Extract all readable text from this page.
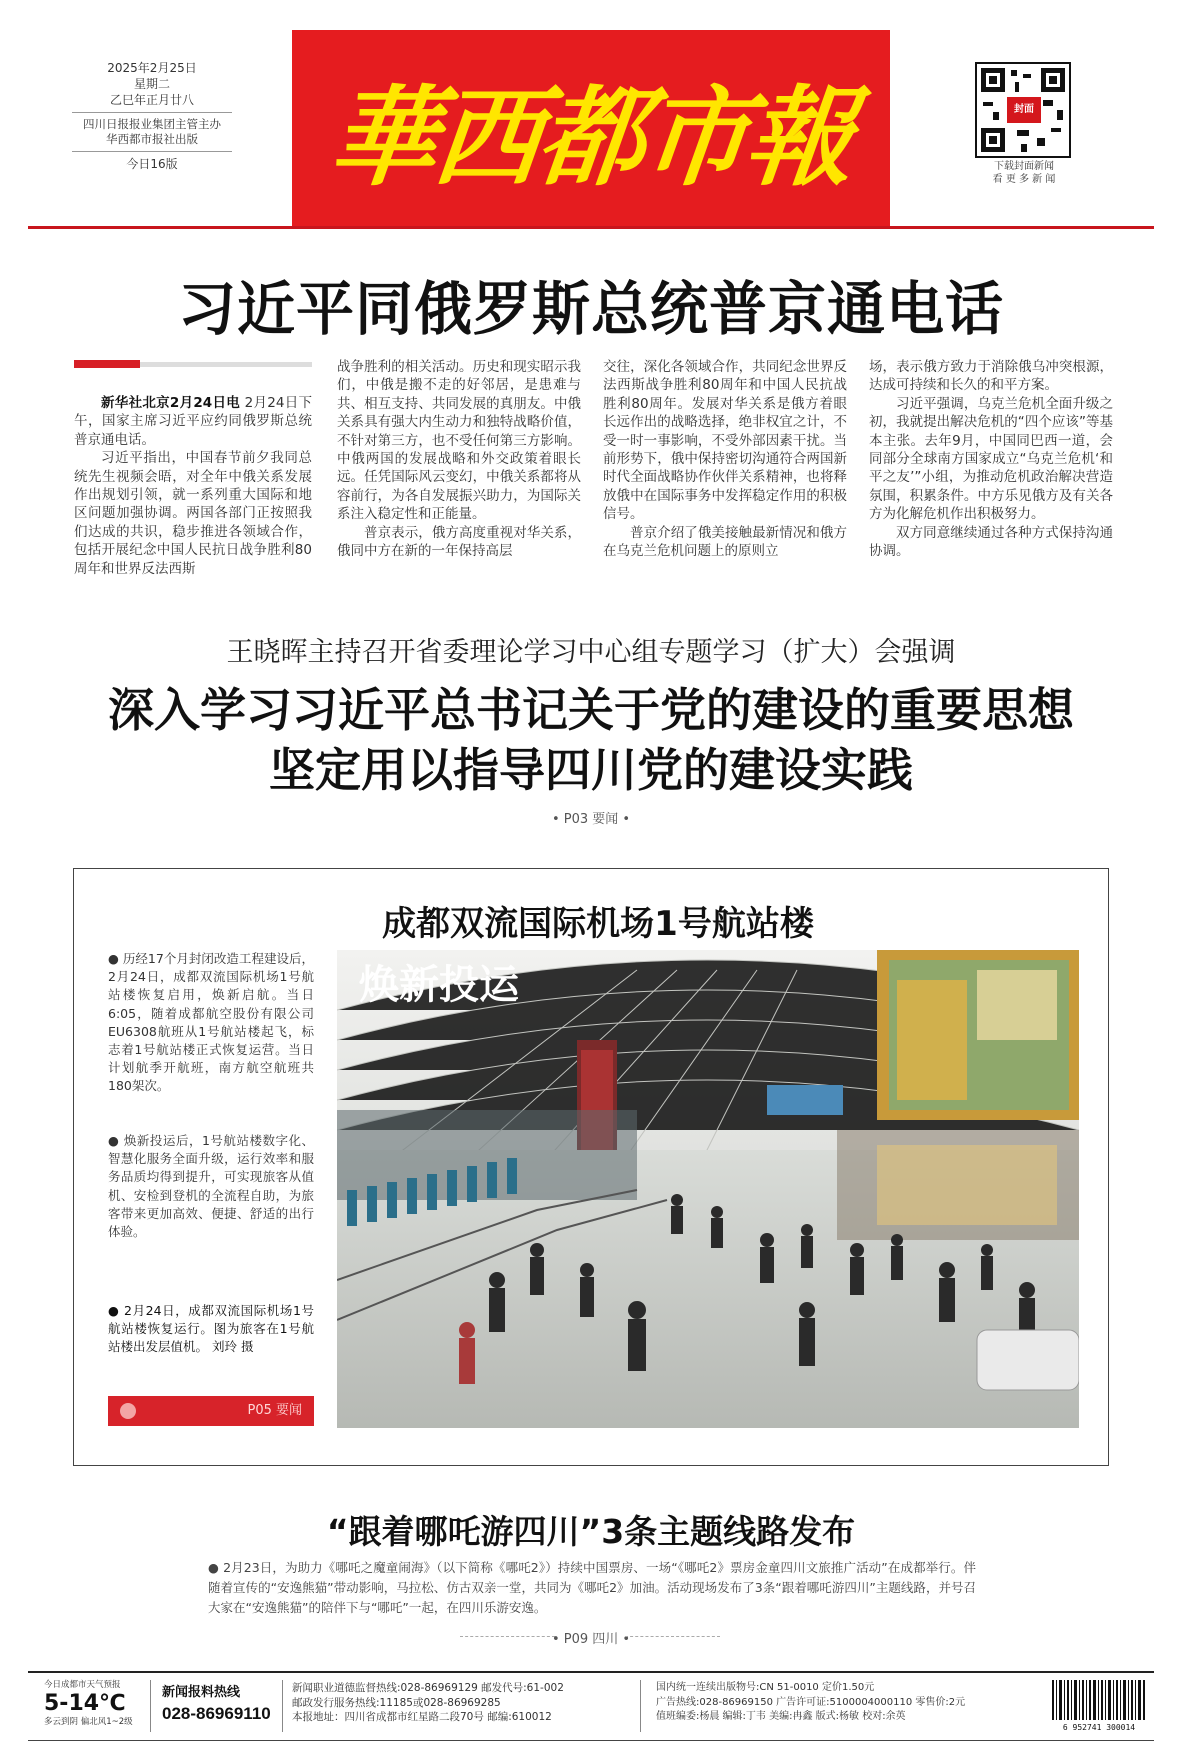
2025年2月25日
星期二
乙巳年正月廿八
四川日报报业集团主管主办
华西都市报社出版
今日16版	華西都市報	封面
下载封面新闻
看 更 多 新 闻
习近平同俄罗斯总统普京通电话

新华社北京2月24日电 2月24日下午，国家主席习近平应约同俄罗斯总统普京通电话。

习近平指出，中国春节前夕我同总统先生视频会晤，对全年中俄关系发展作出规划引领，就一系列重大国际和地区问题加强协调。两国各部门正按照我们达成的共识，稳步推进各领域合作，包括开展纪念中国人民抗日战争胜利80周年和世界反法西斯

战争胜利的相关活动。历史和现实昭示我们，中俄是搬不走的好邻居，是患难与共、相互支持、共同发展的真朋友。中俄关系具有强大内生动力和独特战略价值，不针对第三方，也不受任何第三方影响。中俄两国的发展战略和外交政策着眼长远。任凭国际风云变幻，中俄关系都将从容前行，为各自发展振兴助力，为国际关系注入稳定性和正能量。

普京表示，俄方高度重视对华关系，俄同中方在新的一年保持高层

交往，深化各领域合作，共同纪念世界反法西斯战争胜利80周年和中国人民抗战胜利80周年。发展对华关系是俄方着眼长远作出的战略选择，绝非权宜之计，不受一时一事影响，不受外部因素干扰。当前形势下，俄中保持密切沟通符合两国新时代全面战略协作伙伴关系精神，也将释放俄中在国际事务中发挥稳定作用的积极信号。

普京介绍了俄美接触最新情况和俄方在乌克兰危机问题上的原则立

场，表示俄方致力于消除俄乌冲突根源，达成可持续和长久的和平方案。

习近平强调，乌克兰危机全面升级之初，我就提出解决危机的“四个应该”等基本主张。去年9月，中国同巴西一道，会同部分全球南方国家成立“乌克兰危机‘和平之友’”小组，为推动危机政治解决营造氛围，积累条件。中方乐见俄方及有关各方为化解危机作出积极努力。

双方同意继续通过各种方式保持沟通协调。

王晓晖主持召开省委理论学习中心组专题学习（扩大）会强调
深入学习习近平总书记关于党的建设的重要思想
坚定用以指导四川党的建设实践
• P03 要闻 •
成都双流国际机场1号航站楼
● 历经17个月封闭改造工程建设后，2月24日，成都双流国际机场1号航站楼恢复启用，焕新启航。当日6:05，随着成都航空股份有限公司EU6308航班从1号航站楼起飞，标志着1号航站楼正式恢复运营。当日计划航季开航班，南方航空航班共180架次。
● 焕新投运后，1号航站楼数字化、智慧化服务全面升级，运行效率和服务品质均得到提升，可实现旅客从值机、安检到登机的全流程自助，为旅客带来更加高效、便捷、舒适的出行体验。
● 2月24日，成都双流国际机场1号航站楼恢复运行。图为旅客在1号航站楼出发层值机。 刘玲 摄
焕新投运
P05 要闻
“跟着哪吒游四川”3条主题线路发布
● 2月23日，为助力《哪吒之魔童闹海》（以下简称《哪吒2》）持续中国票房、一场“《哪吒2》票房金童四川文旅推广活动”在成都举行。伴随着宣传的“安逸熊猫”带动影响，马拉松、仿古双亲一堂，共同为《哪吒2》加油。活动现场发布了3条“跟着哪吒游四川”主题线路，并号召大家在“安逸熊猫”的陪伴下与“哪吒”一起，在四川乐游安逸。
• P09 四川 •
今日成都市天气预报
5-14℃
多云到阴 偏北风1~2级
新闻报料热线
028-86969110
新闻职业道德监督热线:028-86969129 邮发代号:61-002
邮政发行服务热线:11185或028-86969285
本报地址：四川省成都市红星路二段70号 邮编:610012
国内统一连续出版物号:CN 51-0010 定价1.50元
广告热线:028-86969150 广告许可证:5100004000110 零售价:2元
值班编委:杨晨 编辑:丁韦 美编:冉鑫 版式:杨敏 校对:余英
6 952741 300014
